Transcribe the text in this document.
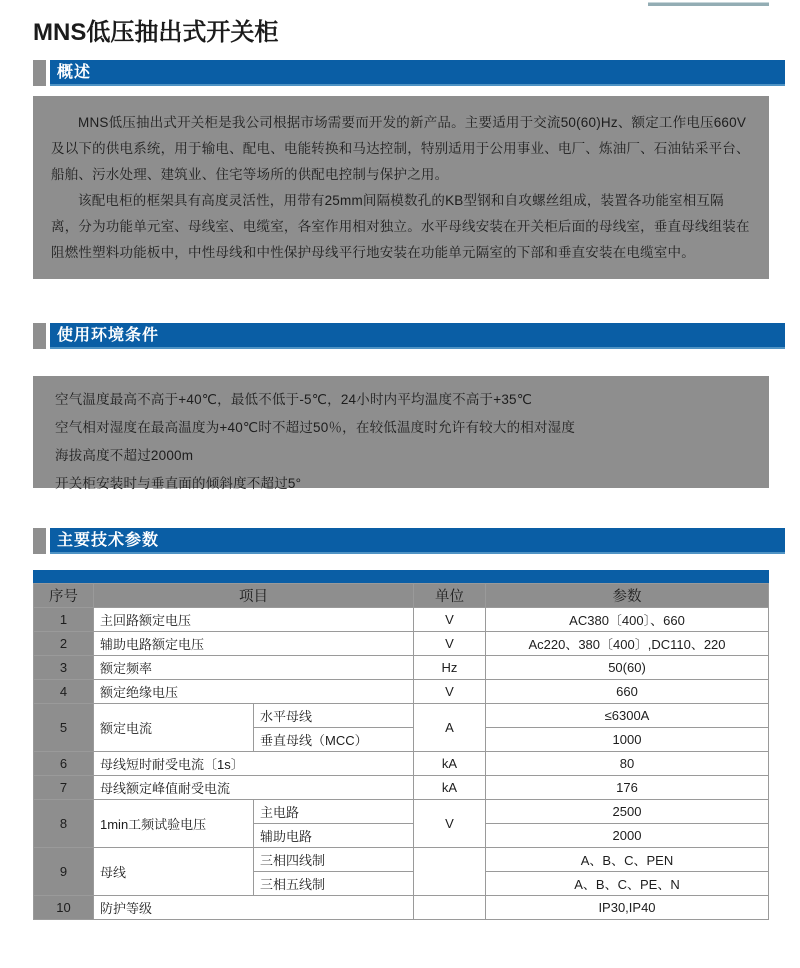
MNS低压抽出式开关柜
概述

MNS低压抽出式开关柜是我公司根据市场需要而开发的新产品。主要适用于交流50(60)Hz、额定工作电压660V及以下的供电系统，用于输电、配电、电能转换和马达控制，特别适用于公用事业、电厂、炼油厂、石油钻采平台、船舶、污水处理、建筑业、住宅等场所的供配电控制与保护之用。

该配电柜的框架具有高度灵活性，用带有25mm间隔模数孔的KB型钢和自攻螺丝组成，装置各功能室相互隔离，分为功能单元室、母线室、电缆室，各室作用相对独立。水平母线安装在开关柜后面的母线室，垂直母线组装在阻燃性塑料功能板中，中性母线和中性保护母线平行地安装在功能单元隔室的下部和垂直安装在电缆室中。

使用环境条件

空气温度最高不高于+40℃，最低不低于-5℃，24小时内平均温度不高于+35℃

空气相对湿度在最高温度为+40℃时不超过50％，在较低温度时允许有较大的相对湿度

海拔高度不超过2000m

开关柜安装时与垂直面的倾斜度不超过5°

主要技术参数
序号	项目		单位	参数
1	主回路额定电压		V	AC380〔400〕、660
2	辅助电路额定电压		V	Ac220、380〔400〕,DC110、220
3	额定频率		Hz	50(60)
4	额定绝缘电压		V	660
5	额定电流	水平母线	A	≤6300A
		垂直母线（MCC）		1000
6	母线短时耐受电流〔1s〕		kA	80
7	母线额定峰值耐受电流		kA	176
8	1min工频试验电压	主电路	V	2500
		辅助电路		2000
9	母线	三相四线制		A、B、C、PEN
		三相五线制		A、B、C、PE、N
10	防护等级			IP30,IP40
